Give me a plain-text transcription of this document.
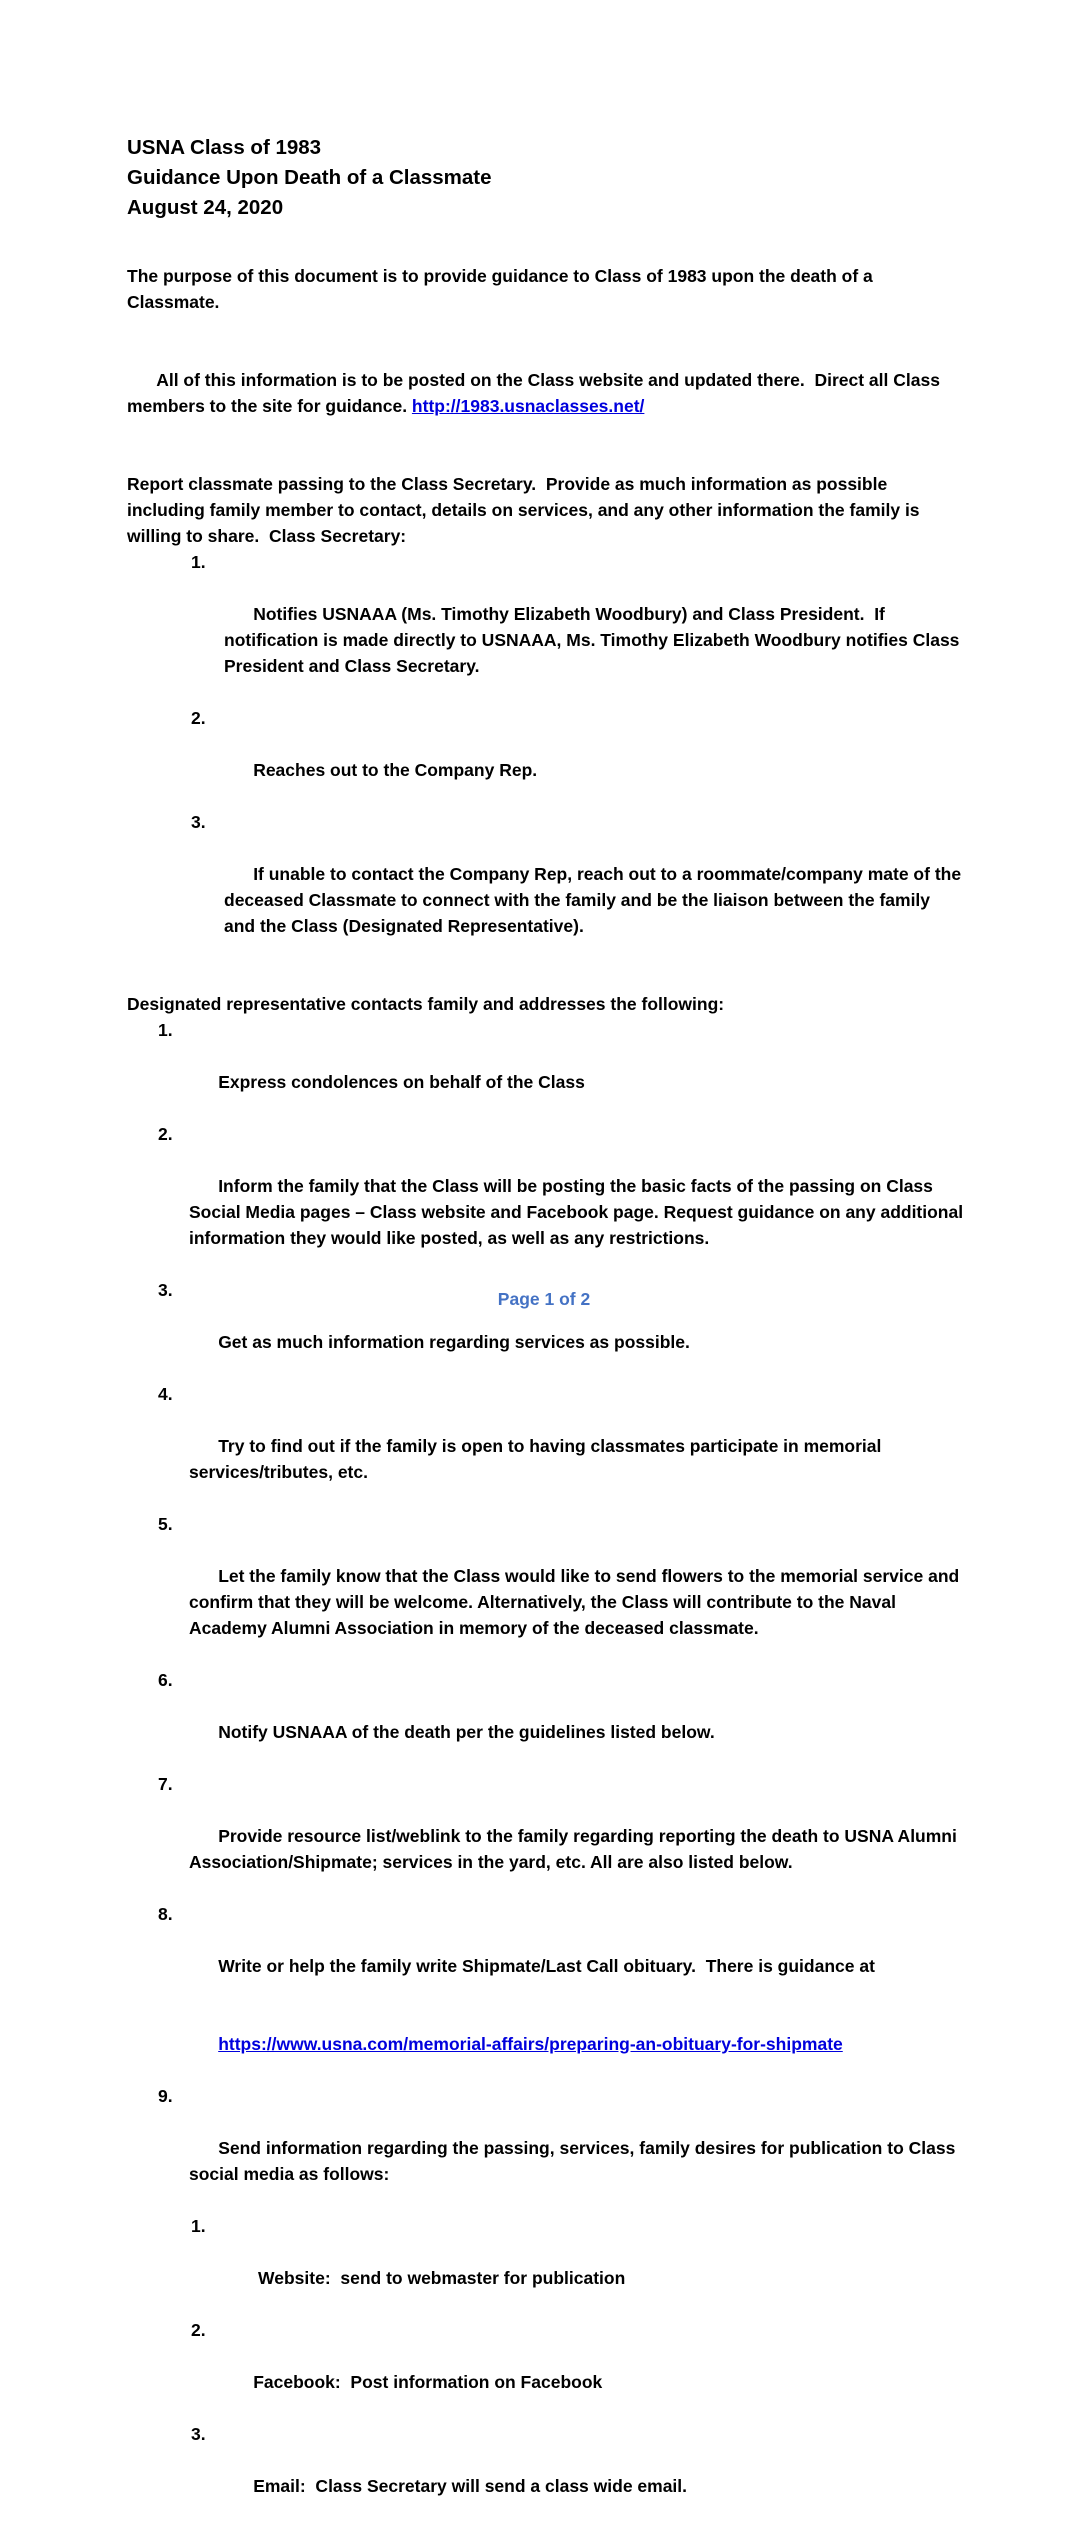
USNA Class of 1983
Guidance Upon Death of a Classmate
August 24, 2020
The purpose of this document is to provide guidance to Class of 1983 upon the death of a Classmate.

All of this information is to be posted on the Class website and updated there.  Direct all Class members to the site for guidance. http://1983.usnaclasses.net/

Report classmate passing to the Class Secretary.  Provide as much information as possible including family member to contact, details on services, and any other information the family is willing to share.  Class Secretary:

1.

Notifies USNAAA (Ms. Timothy Elizabeth Woodbury) and Class President.  If notification is made directly to USNAAA, Ms. Timothy Elizabeth Woodbury notifies Class President and Class Secretary.

2.

Reaches out to the Company Rep.

3.

If unable to contact the Company Rep, reach out to a roommate/company mate of the deceased Classmate to connect with the family and be the liaison between the family and the Class (Designated Representative).

Designated representative contacts family and addresses the following:

1.

Express condolences on behalf of the Class

2.

Inform the family that the Class will be posting the basic facts of the passing on Class Social Media pages – Class website and Facebook page. Request guidance on any additional information they would like posted, as well as any restrictions.

3.

Get as much information regarding services as possible.

4.

Try to find out if the family is open to having classmates participate in memorial services/tributes, etc.

5.

Let the family know that the Class would like to send flowers to the memorial service and confirm that they will be welcome. Alternatively, the Class will contribute to the Naval Academy Alumni Association in memory of the deceased classmate.

6.

Notify USNAAA of the death per the guidelines listed below.

7.

Provide resource list/weblink to the family regarding reporting the death to USNA Alumni Association/Shipmate; services in the yard, etc. All are also listed below.

8.

Write or help the family write Shipmate/Last Call obituary.  There is guidance at

https://www.usna.com/memorial-affairs/preparing-an-obituary-for-shipmate

9.

Send information regarding the passing, services, family desires for publication to Class social media as follows:

1.

Website:  send to webmaster for publication

2.

Facebook:  Post information on Facebook

3.

Email:  Class Secretary will send a class wide email.

Page 1 of 2
